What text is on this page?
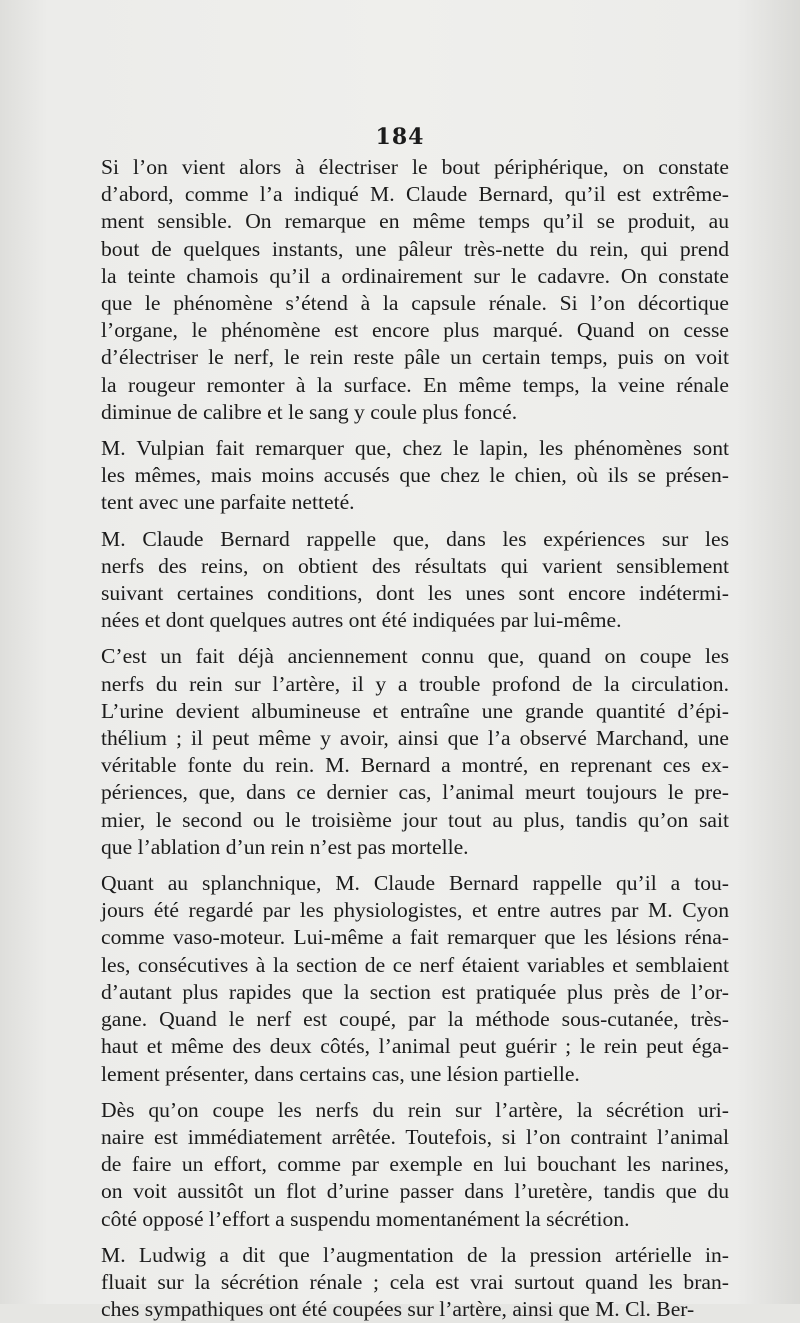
184

Si l’on vient alors à électriser le bout périphérique, on constate
d’abord, comme l’a indiqué M. Claude Bernard, qu’il est extrême-
ment sensible. On remarque en même temps qu’il se produit, au
bout de quelques instants, une pâleur très-nette du rein, qui prend
la teinte chamois qu’il a ordinairement sur le cadavre. On constate
que le phénomène s’étend à la capsule rénale. Si l’on décortique
l’organe, le phénomène est encore plus marqué. Quand on cesse
d’électriser le nerf, le rein reste pâle un certain temps, puis on voit
la rougeur remonter à la surface. En même temps, la veine rénale
diminue de calibre et le sang y coule plus foncé.

M. Vulpian fait remarquer que, chez le lapin, les phénomènes sont
les mêmes, mais moins accusés que chez le chien, où ils se présen-
tent avec une parfaite netteté.

M. Claude Bernard rappelle que, dans les expériences sur les
nerfs des reins, on obtient des résultats qui varient sensiblement
suivant certaines conditions, dont les unes sont encore indétermi-
nées et dont quelques autres ont été indiquées par lui-même.

C’est un fait déjà anciennement connu que, quand on coupe les
nerfs du rein sur l’artère, il y a trouble profond de la circulation.
L’urine devient albumineuse et entraîne une grande quantité d’épi-
thélium ; il peut même y avoir, ainsi que l’a observé Marchand, une
véritable fonte du rein. M. Bernard a montré, en reprenant ces ex-
périences, que, dans ce dernier cas, l’animal meurt toujours le pre-
mier, le second ou le troisième jour tout au plus, tandis qu’on sait
que l’ablation d’un rein n’est pas mortelle.

Quant au splanchnique, M. Claude Bernard rappelle qu’il a tou-
jours été regardé par les physiologistes, et entre autres par M. Cyon
comme vaso-moteur. Lui-même a fait remarquer que les lésions réna-
les, consécutives à la section de ce nerf étaient variables et semblaient
d’autant plus rapides que la section est pratiquée plus près de l’or-
gane. Quand le nerf est coupé, par la méthode sous-cutanée, très-
haut et même des deux côtés, l’animal peut guérir ; le rein peut éga-
lement présenter, dans certains cas, une lésion partielle.

Dès qu’on coupe les nerfs du rein sur l’artère, la sécrétion uri-
naire est immédiatement arrêtée. Toutefois, si l’on contraint l’animal
de faire un effort, comme par exemple en lui bouchant les narines,
on voit aussitôt un flot d’urine passer dans l’uretère, tandis que du
côté opposé l’effort a suspendu momentanément la sécrétion.

M. Ludwig a dit que l’augmentation de la pression artérielle in-
fluait sur la sécrétion rénale ; cela est vrai surtout quand les bran-
ches sympathiques ont été coupées sur l’artère, ainsi que M. Cl. Ber-
